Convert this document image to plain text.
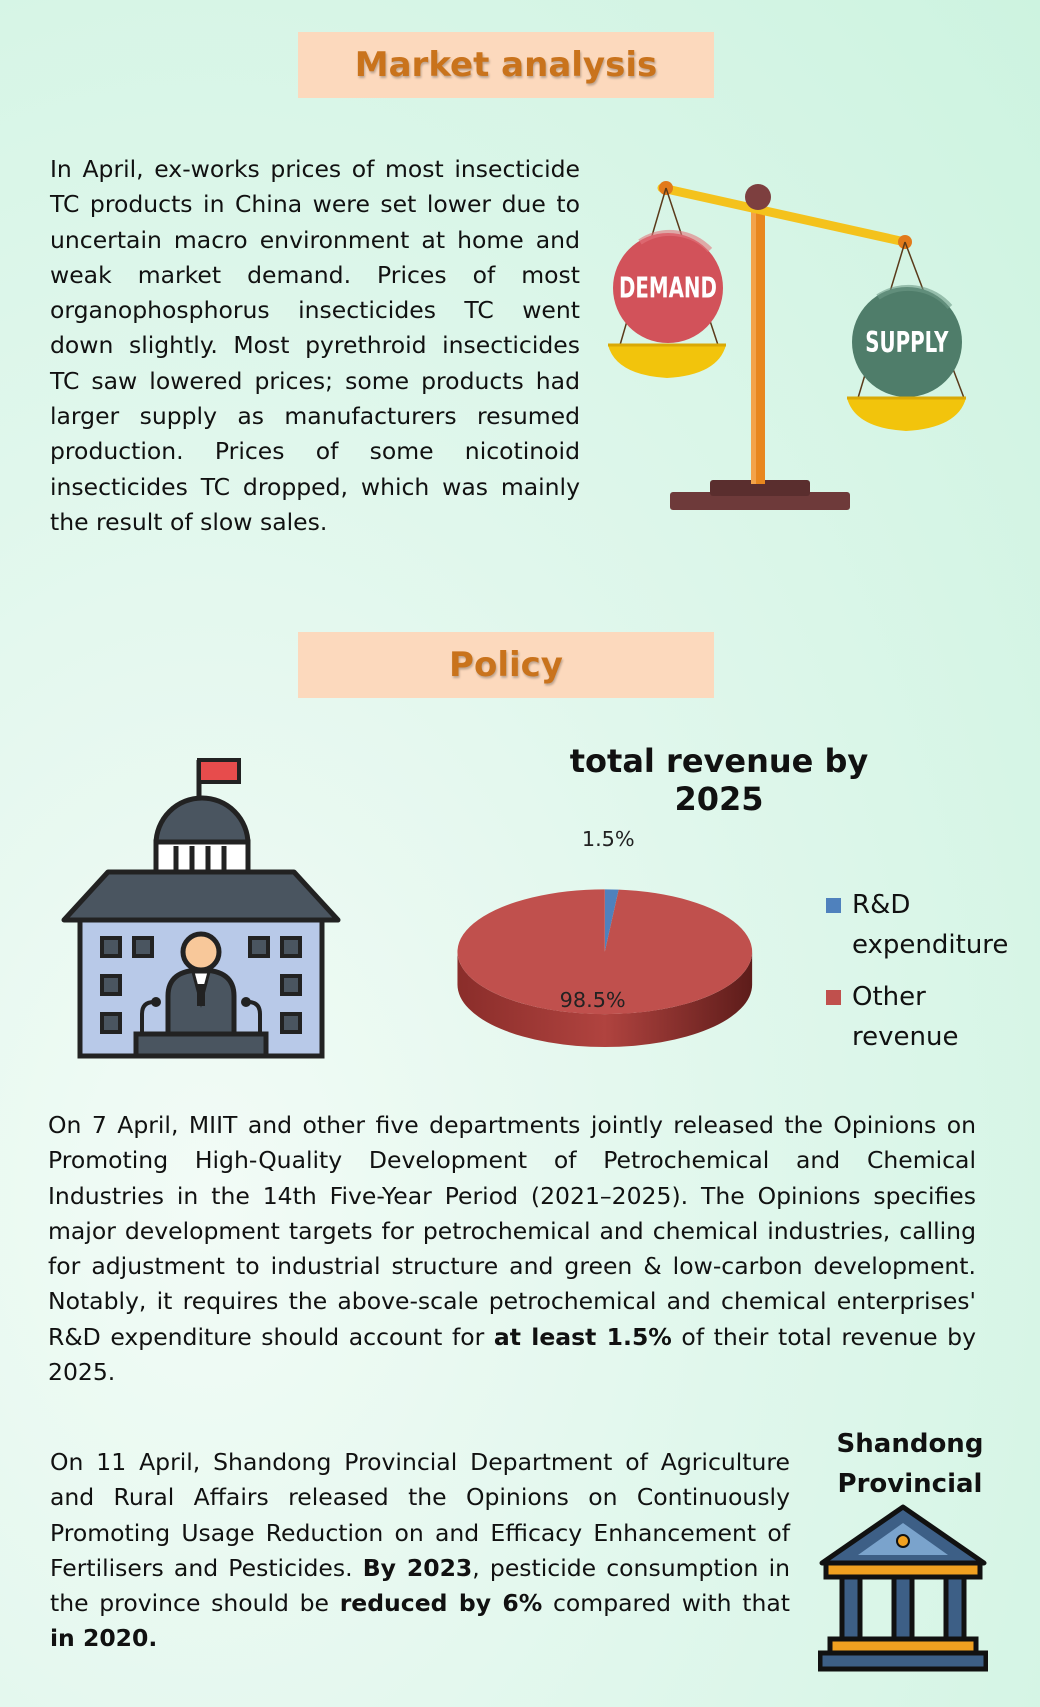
Market analysis

In April, ex-works prices of most insecticide TC products in China were set lower due to uncertain macro environment at home and weak market demand. Prices of most organophosphorus insecticides TC went down slightly. Most pyrethroid insecticides TC saw lowered prices; some products had larger supply as manufacturers resumed production. Prices of some nicotinoid insecticides TC dropped, which was mainly the result of slow sales.

DEMAND
SUPPLY
Policy
total revenue by 2025
1.5%
98.5%
R&D expenditure
Other revenue

On 7 April, MIIT and other five departments jointly released the Opinions on Promoting High-Quality Development of Petrochemical and Chemical Industries in the 14th Five-Year Period (2021–2025). The Opinions specifies major development targets for petrochemical and chemical industries, calling for adjustment to industrial structure and green & low-carbon development. Notably, it requires the above-scale petrochemical and chemical enterprises' R&D expenditure should account for at least 1.5% of their total revenue by 2025.

On 11 April, Shandong Provincial Department of Agriculture and Rural Affairs released the Opinions on Continuously Promoting Usage Reduction on and Efficacy Enhancement of Fertilisers and Pesticides. By 2023, pesticide consumption in the province should be reduced by 6% compared with that in 2020.

Shandong Provincial
